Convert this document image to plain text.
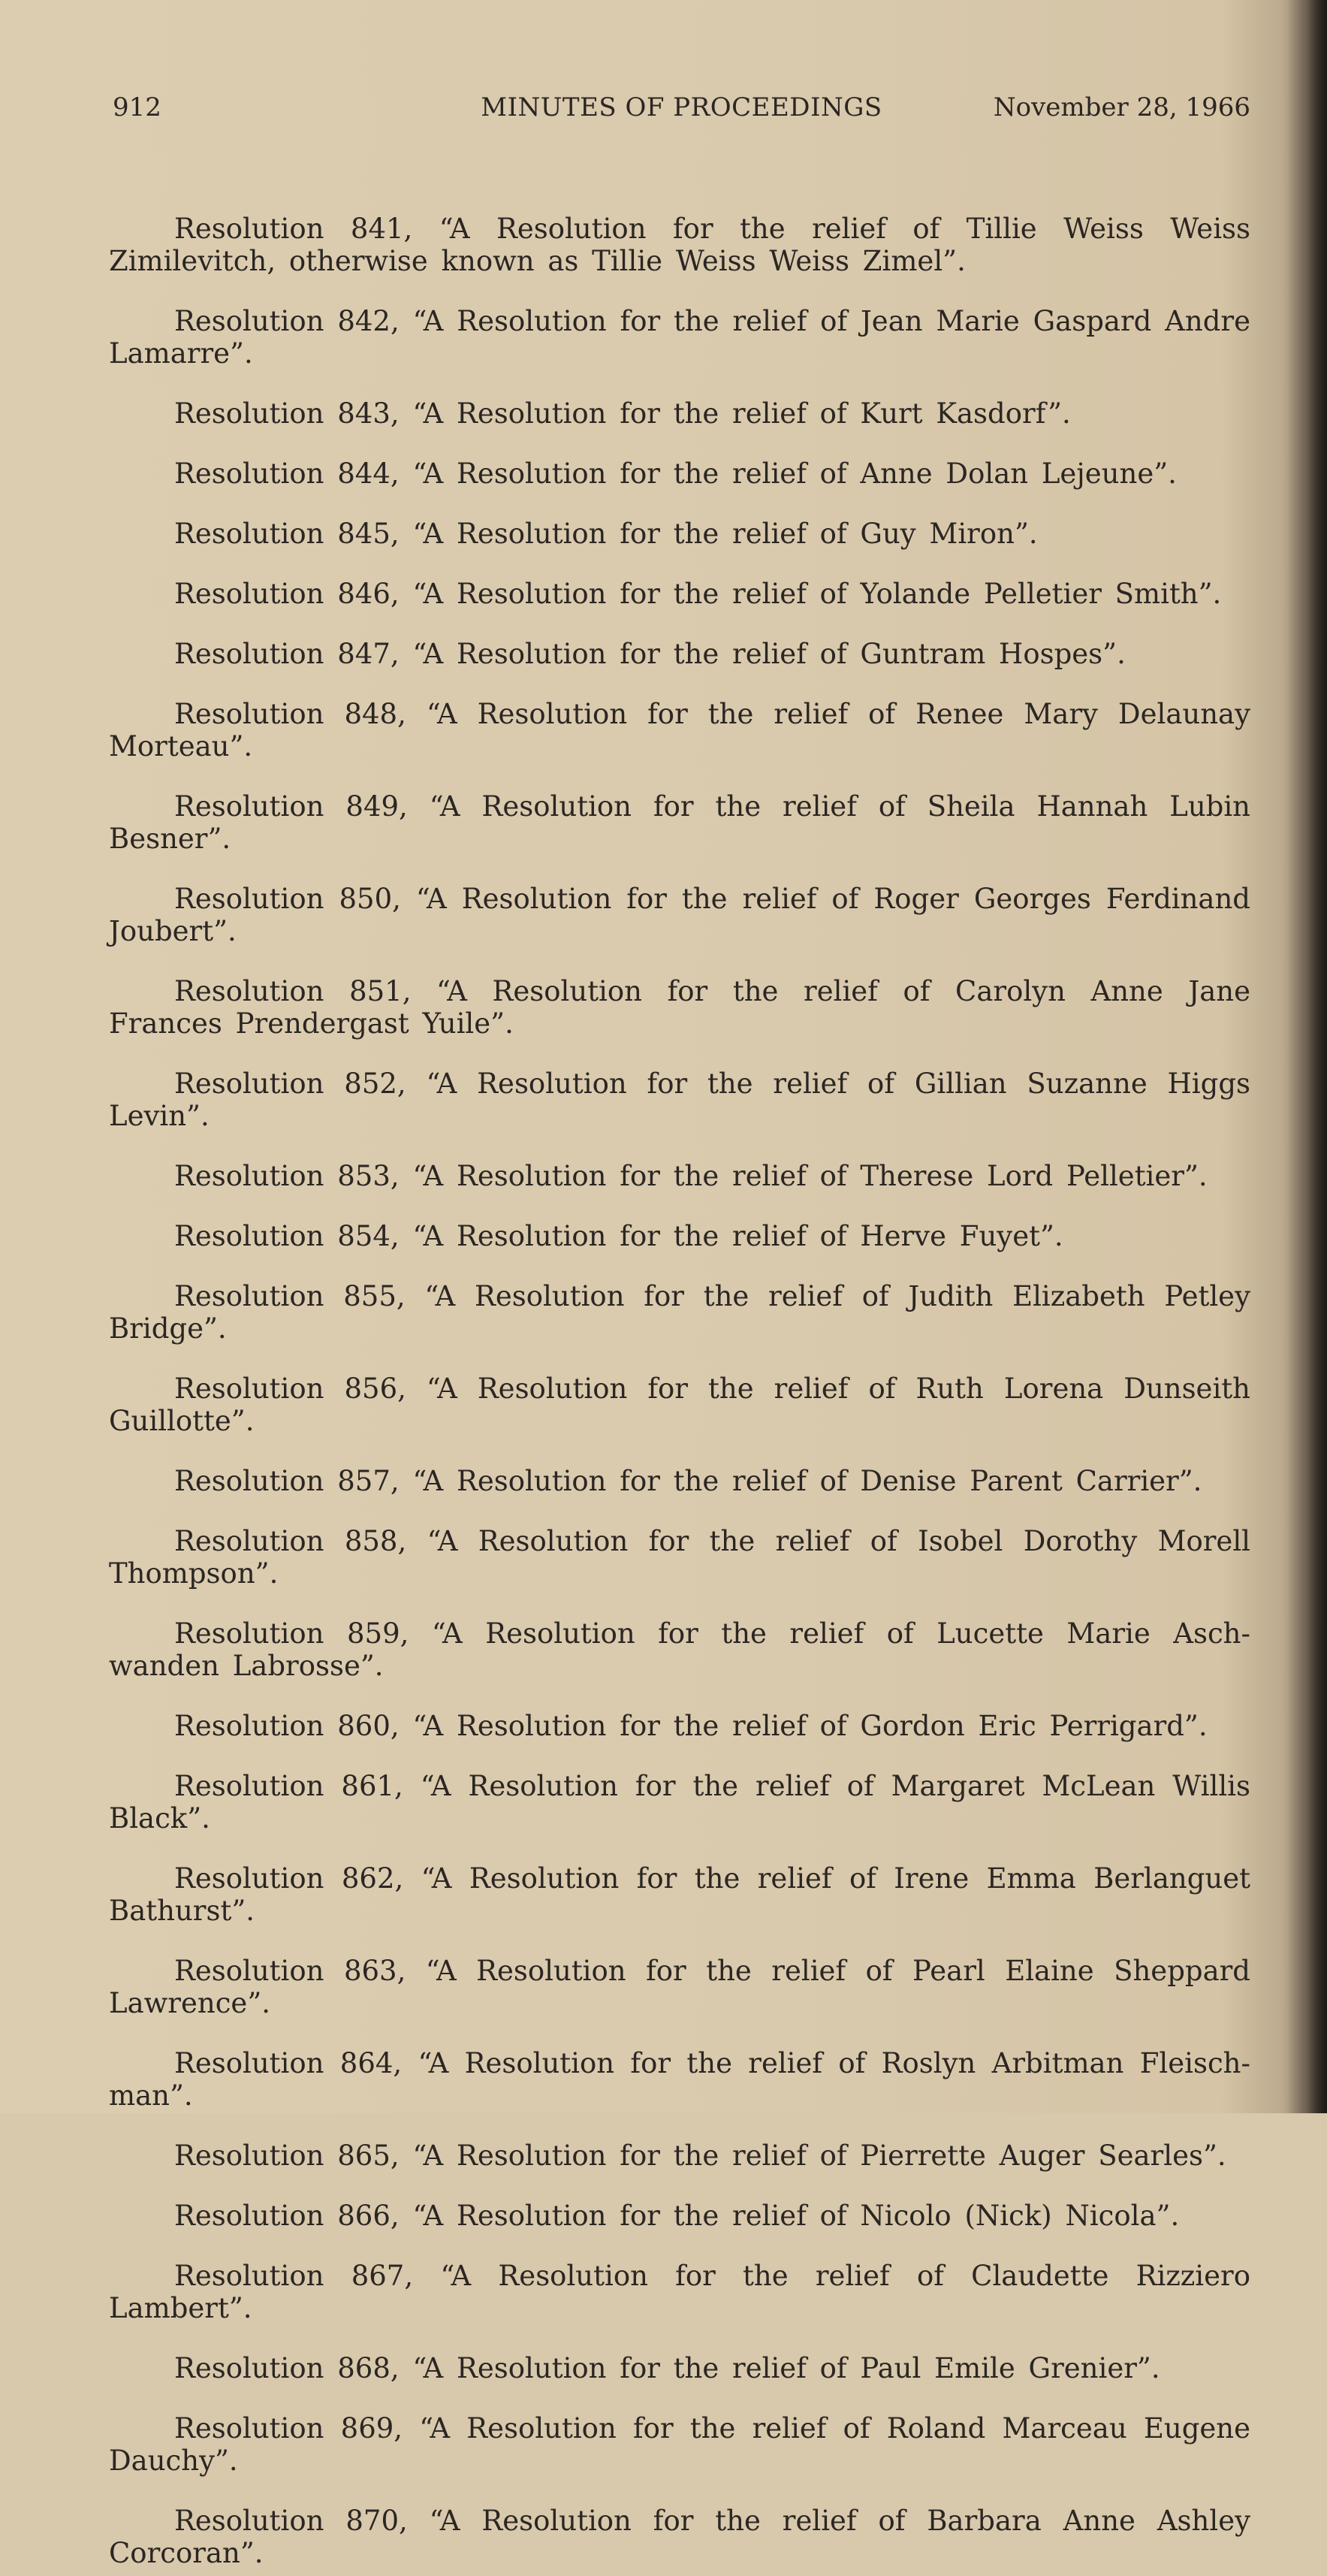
912	MINUTES OF PROCEEDINGS	November 28, 1966

Resolution 841, “A Resolution for the relief of Tillie Weiss Weiss Zimilevitch, otherwise known as Tillie Weiss Weiss Zimel”.

Resolution 842, “A Resolution for the relief of Jean Marie Gaspard Andre Lamarre”.

Resolution 843, “A Resolution for the relief of Kurt Kasdorf”.

Resolution 844, “A Resolution for the relief of Anne Dolan Lejeune”.

Resolution 845, “A Resolution for the relief of Guy Miron”.

Resolution 846, “A Resolution for the relief of Yolande Pelletier Smith”.

Resolution 847, “A Resolution for the relief of Guntram Hospes”.

Resolution 848, “A Resolution for the relief of Renee Mary Delaunay Morteau”.

Resolution 849, “A Resolution for the relief of Sheila Hannah Lubin Besner”.

Resolution 850, “A Resolution for the relief of Roger Georges Ferdinand Joubert”.

Resolution 851, “A Resolution for the relief of Carolyn Anne Jane Frances Prendergast Yuile”.

Resolution 852, “A Resolution for the relief of Gillian Suzanne Higgs Levin”.

Resolution 853, “A Resolution for the relief of Therese Lord Pelletier”.

Resolution 854, “A Resolution for the relief of Herve Fuyet”.

Resolution 855, “A Resolution for the relief of Judith Elizabeth Petley Bridge”.

Resolution 856, “A Resolution for the relief of Ruth Lorena Dunseith Guillotte”.

Resolution 857, “A Resolution for the relief of Denise Parent Carrier”.

Resolution 858, “A Resolution for the relief of Isobel Dorothy Morell Thompson”.

Resolution 859, “A Resolution for the relief of Lucette Marie Asch-wanden Labrosse”.

Resolution 860, “A Resolution for the relief of Gordon Eric Perrigard”.

Resolution 861, “A Resolution for the relief of Margaret McLean Willis Black”.

Resolution 862, “A Resolution for the relief of Irene Emma Berlanguet Bathurst”.

Resolution 863, “A Resolution for the relief of Pearl Elaine Sheppard Lawrence”.

Resolution 864, “A Resolution for the relief of Roslyn Arbitman Fleisch-man”.

Resolution 865, “A Resolution for the relief of Pierrette Auger Searles”.

Resolution 866, “A Resolution for the relief of Nicolo (Nick) Nicola”.

Resolution 867, “A Resolution for the relief of Claudette Rizziero Lambert”.

Resolution 868, “A Resolution for the relief of Paul Emile Grenier”.

Resolution 869, “A Resolution for the relief of Roland Marceau Eugene Dauchy”.

Resolution 870, “A Resolution for the relief of Barbara Anne Ashley Corcoran”.
